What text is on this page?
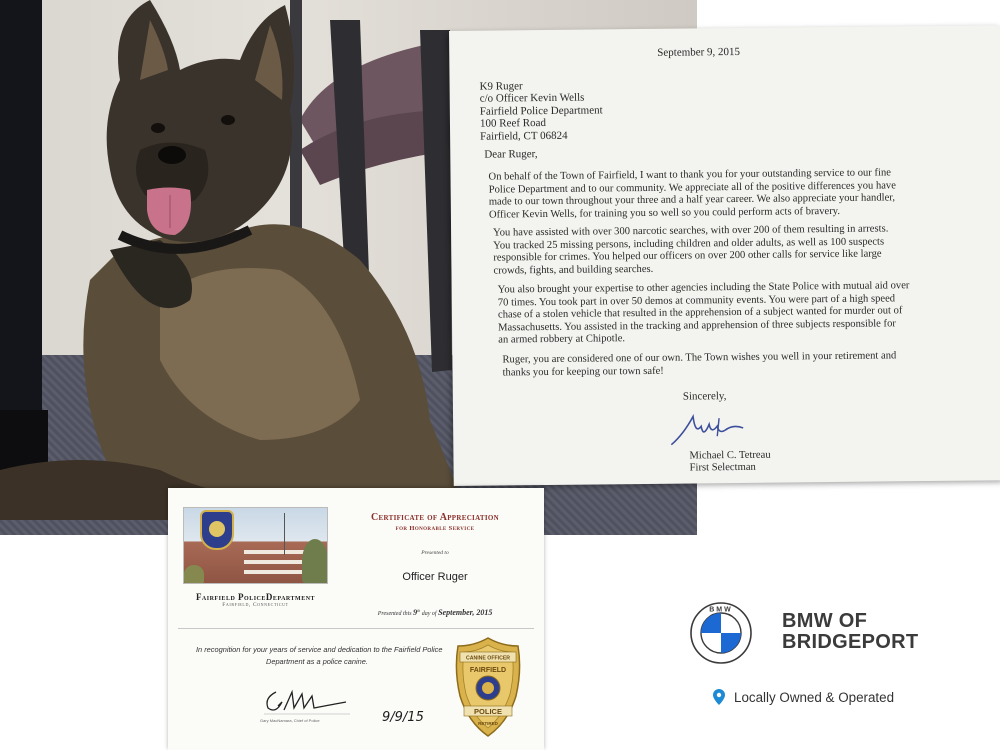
September 9, 2015
K9 Ruger
c/o Officer Kevin Wells
Fairfield Police Department
100 Reef Road
Fairfield, CT 06824
Dear Ruger,
On behalf of the Town of Fairfield, I want to thank you for your outstanding service to our fine
Police Department and to our community. We appreciate all of the positive differences you have
made to our town throughout your three and a half year career. We also appreciate your handler,
Officer Kevin Wells, for training you so well so you could perform acts of bravery.
You have assisted with over 300 narcotic searches, with over 200 of them resulting in arrests.
You tracked 25 missing persons, including children and older adults, as well as 100 suspects
responsible for crimes. You helped our officers on over 200 other calls for service like large
crowds, fights, and building searches.
You also brought your expertise to other agencies including the State Police with mutual aid over
70 times. You took part in over 50 demos at community events. You were part of a high speed
chase of a stolen vehicle that resulted in the apprehension of a subject wanted for murder out of
Massachusetts. You assisted in the tracking and apprehension of three subjects responsible for
an armed robbery at Chipotle.
Ruger, you are considered one of our own. The Town wishes you well in your retirement and
thanks you for keeping our town safe!
Sincerely,
Michael C. Tetreau
First Selectman
Fairfield PoliceDepartment
Fairfield, Connecticut
Certificate of Appreciation
for Honorable Service
Presented to
Officer Ruger
Presented this 9th day of September, 2015
In recognition for your years of service and dedication to the Fairfield Police
Department as a police canine.
Gary MacNamara, Chief of Police	9/9/15
CANINE OFFICER
FAIRFIELD
POLICE
RETIRED
BMW BMW OF
BRIDGEPORT
Locally Owned & Operated
